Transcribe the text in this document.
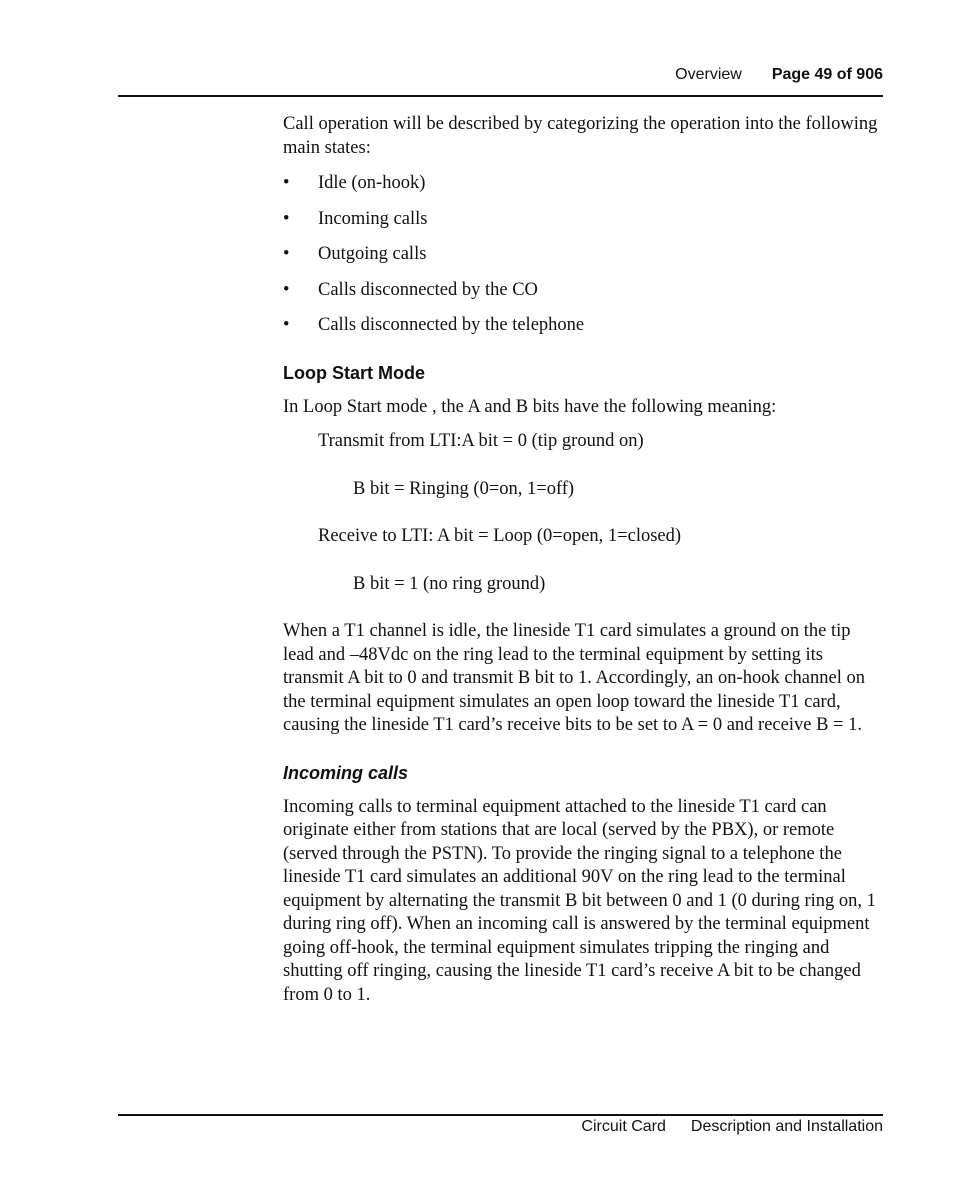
Overview Page 49 of 906

Call operation will be described by categorizing the operation into the following main states:

• Idle (on-hook)
• Incoming calls
• Outgoing calls
• Calls disconnected by the CO
• Calls disconnected by the telephone
Loop Start Mode

In Loop Start mode , the A and B bits have the following meaning:

Transmit from LTI:A bit = 0 (tip ground on)

B bit = Ringing (0=on, 1=off)

Receive to LTI: A bit = Loop (0=open, 1=closed)

B bit = 1 (no ring ground)

When a T1 channel is idle, the lineside T1 card simulates a ground on the tip lead and –48Vdc on the ring lead to the terminal equipment by setting its transmit A bit to 0 and transmit B bit to 1. Accordingly, an on-hook channel on the terminal equipment simulates an open loop toward the lineside T1 card, causing the lineside T1 card’s receive bits to be set to A = 0 and receive B = 1.

Incoming calls

Incoming calls to terminal equipment attached to the lineside T1 card can originate either from stations that are local (served by the PBX), or remote (served through the PSTN). To provide the ringing signal to a telephone the lineside T1 card simulates an additional 90V on the ring lead to the terminal equipment by alternating the transmit B bit between 0 and 1 (0 during ring on, 1 during ring off). When an incoming call is answered by the terminal equipment going off-hook, the terminal equipment simulates tripping the ringing and shutting off ringing, causing the lineside T1 card’s receive A bit to be changed from 0 to 1.

Circuit Card Description and Installation
